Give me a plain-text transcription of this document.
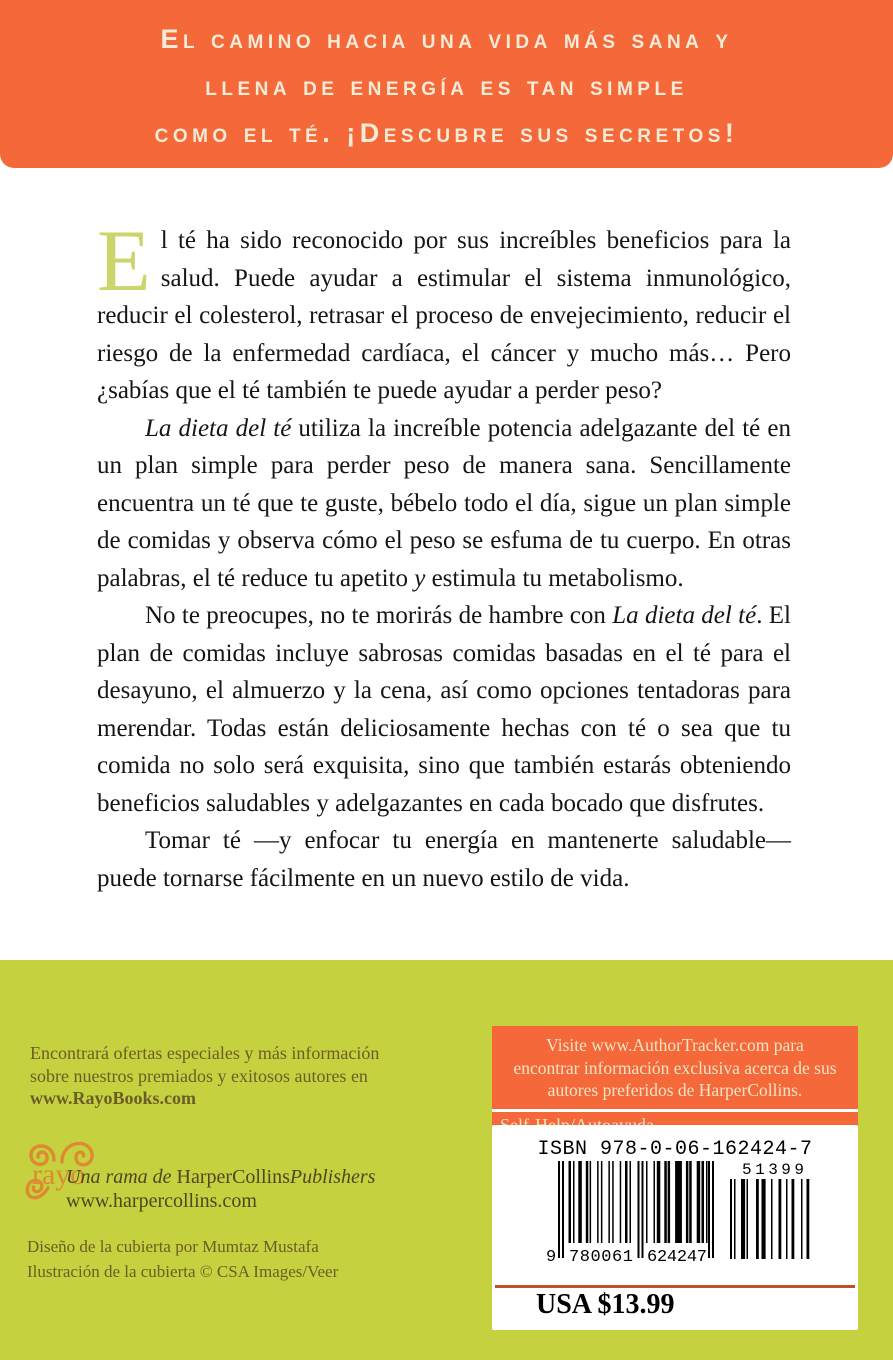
El camino hacia una vida más sana y
llena de energía es tan simple
como el té. ¡Descubre sus secretos!

El té ha sido reconocido por sus increíbles beneficios para la salud. Puede ayudar a estimular el sistema inmunológico, reducir el colesterol, retrasar el proceso de envejecimiento, reducir el riesgo de la enfermedad cardíaca, el cáncer y mucho más… Pero ¿sabías que el té también te puede ayudar a perder peso?

La dieta del té utiliza la increíble potencia adelgazante del té en un plan simple para perder peso de manera sana. Sencillamente encuentra un té que te guste, bébelo todo el día, sigue un plan simple de comidas y observa cómo el peso se esfuma de tu cuerpo. En otras palabras, el té reduce tu apetito y estimula tu metabolismo.

No te preocupes, no te morirás de hambre con La dieta del té. El plan de comidas incluye sabrosas comidas basadas en el té para el desayuno, el almuerzo y la cena, así como opciones tentadoras para merendar. Todas están deliciosamente hechas con té o sea que tu comida no solo será exquisita, sino que también estarás obteniendo beneficios saludables y adelgazantes en cada bocado que disfrutes.

Tomar té —y enfocar tu energía en mantenerte saludable— puede tornarse fácilmente en un nuevo estilo de vida.

Encontrará ofertas especiales y más información
sobre nuestros premiados y exitosos autores en
www.RayoBooks.com
rayo
Una rama de HarperCollinsPublishers
www.harpercollins.com
Diseño de la cubierta por Mumtaz Mustafa
Ilustración de la cubierta © CSA Images/Veer
Visite www.AuthorTracker.com para
encontrar información exclusiva acerca de sus
autores preferidos de HarperCollins.
ISBN 978-0-06-162424-7
9 780061 624247
51399
USA $13.99
